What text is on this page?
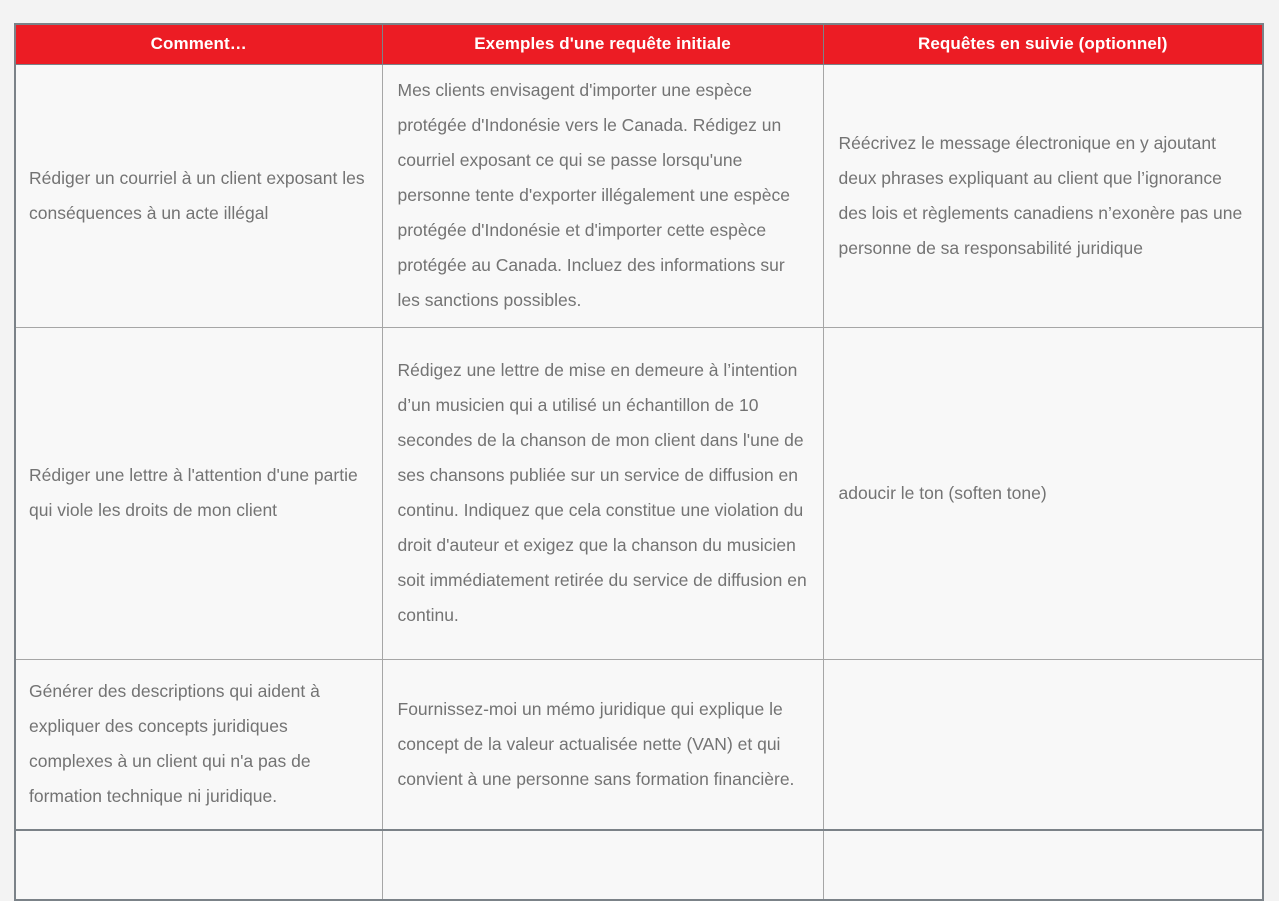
Comment…	Exemples d'une requête initiale	Requêtes en suivie (optionnel)
Rédiger un courriel à un client exposant les conséquences à un acte illégal	Mes clients envisagent d'importer une espèce protégée d'Indonésie vers le Canada. Rédigez un courriel exposant ce qui se passe lorsqu'une personne tente d'exporter illégalement une espèce protégée d'Indonésie et d'importer cette espèce protégée au Canada. Incluez des informations sur les sanctions possibles.	Réécrivez le message électronique en y ajoutant deux phrases expliquant au client que l’ignorance des lois et règlements canadiens n’exonère pas une personne de sa responsabilité juridique
Rédiger une lettre à l'attention d'une partie qui viole les droits de mon client	Rédigez une lettre de mise en demeure à l’intention d’un musicien qui a utilisé un échantillon de 10 secondes de la chanson de mon client dans l'une de ses chansons publiée sur un service de diffusion en continu. Indiquez que cela constitue une violation du droit d'auteur et exigez que la chanson du musicien soit immédiatement retirée du service de diffusion en continu.	adoucir le ton (soften tone)
Générer des descriptions qui aident à expliquer des concepts juridiques complexes à un client qui n'a pas de formation technique ni juridique.	Fournissez-moi un mémo juridique qui explique le concept de la valeur actualisée nette (VAN) et qui convient à une personne sans formation financière.	
